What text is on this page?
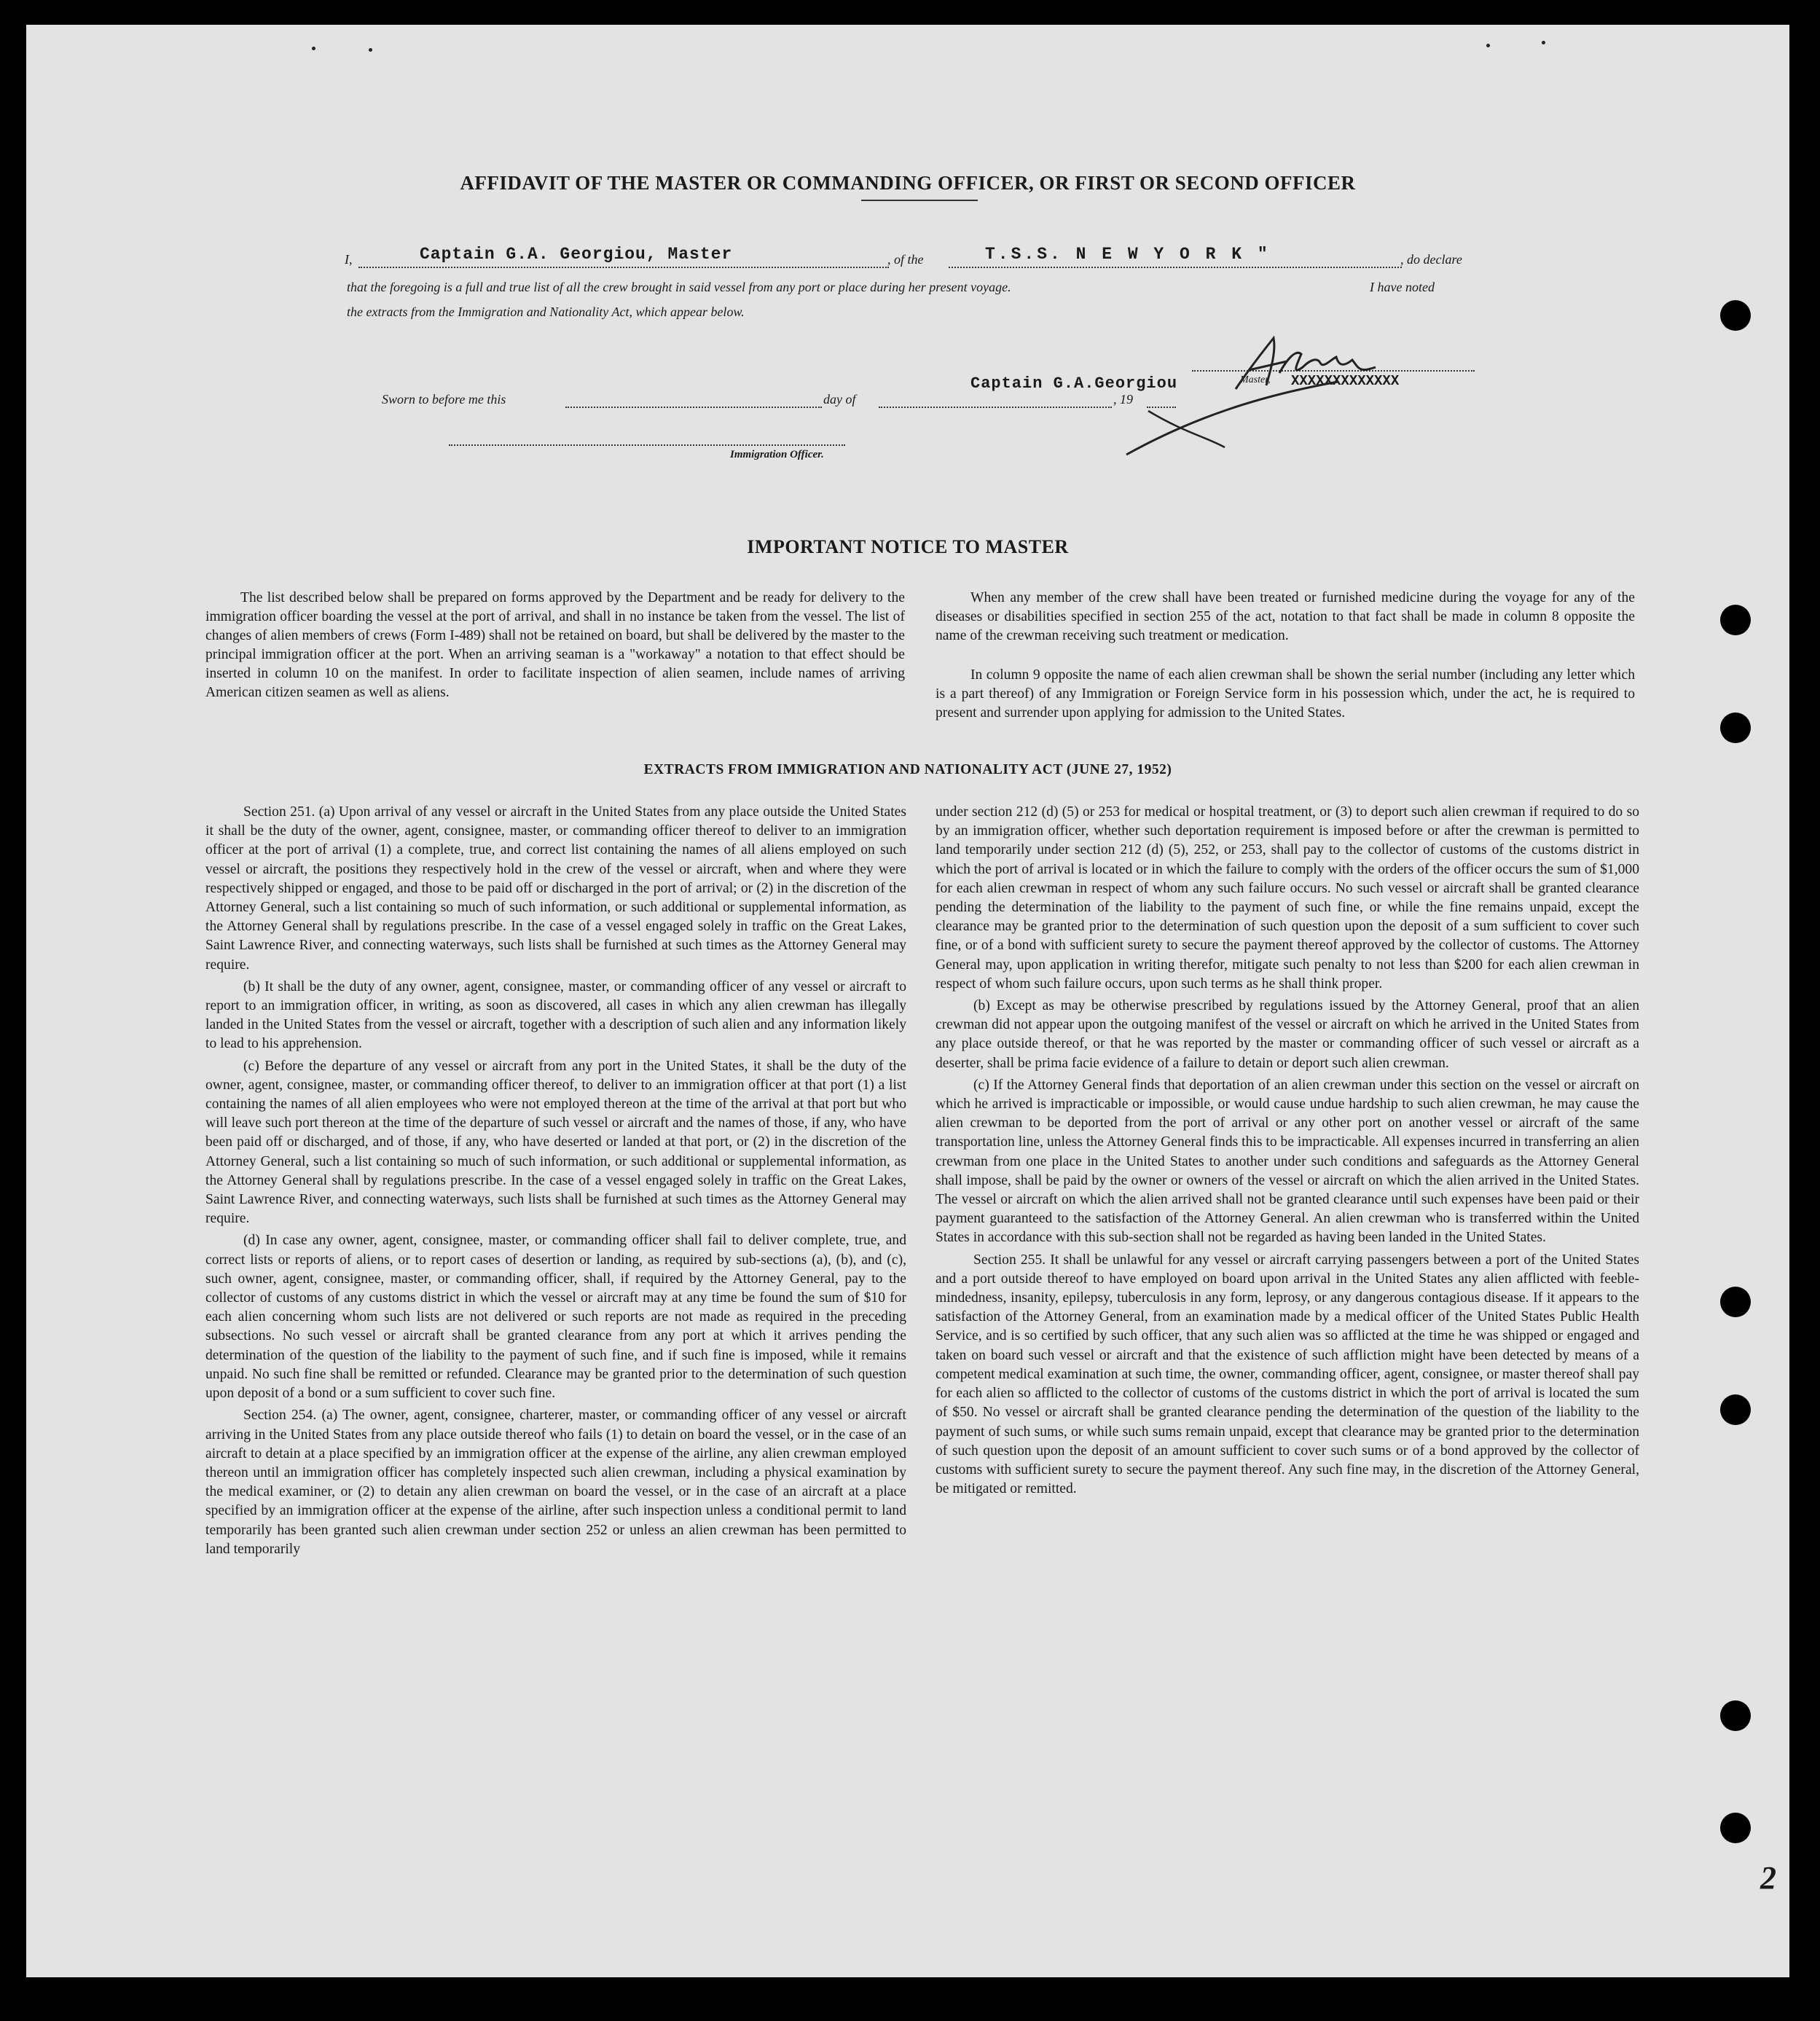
AFFIDAVIT OF THE MASTER OR COMMANDING OFFICER, OR FIRST OR SECOND OFFICER
I,	Captain G.A. Georgiou, Master	, of the	T.S.S. N E W Y O R K "	, do declare
that the foregoing is a full and true list of all the crew brought in said vessel from any port or place during her present voyage.	I have noted
the extracts from the Immigration and Nationality Act, which appear below.
Sworn to before me this	day of	, 19
Captain G.A.Georgiou	Master, XXXXXXXXXXXXX
Immigration Officer.
IMPORTANT NOTICE TO MASTER
The list described below shall be prepared on forms approved by the Department and be ready for delivery to the immigration officer boarding the vessel at the port of arrival, and shall in no instance be taken from the vessel. The list of changes of alien members of crews (Form I-489) shall not be retained on board, but shall be delivered by the master to the principal immigration officer at the port. When an arriving seaman is a "workaway" a notation to that effect should be inserted in column 10 on the manifest. In order to facilitate inspection of alien seamen, include names of arriving American citizen seamen as well as aliens.
When any member of the crew shall have been treated or furnished medicine during the voyage for any of the diseases or disabilities specified in section 255 of the act, notation to that fact shall be made in column 8 opposite the name of the crewman receiving such treatment or medication.
In column 9 opposite the name of each alien crewman shall be shown the serial number (including any letter which is a part thereof) of any Immigration or Foreign Service form in his possession which, under the act, he is required to present and surrender upon applying for admission to the United States.
EXTRACTS FROM IMMIGRATION AND NATIONALITY ACT (JUNE 27, 1952)

Section 251. (a) Upon arrival of any vessel or aircraft in the United States from any place outside the United States it shall be the duty of the owner, agent, consignee, master, or commanding officer thereof to deliver to an immigration officer at the port of arrival (1) a complete, true, and correct list containing the names of all aliens employed on such vessel or aircraft, the positions they respectively hold in the crew of the vessel or aircraft, when and where they were respectively shipped or engaged, and those to be paid off or discharged in the port of arrival; or (2) in the discretion of the Attorney General, such a list containing so much of such information, or such additional or supplemental information, as the Attorney General shall by regulations prescribe. In the case of a vessel engaged solely in traffic on the Great Lakes, Saint Lawrence River, and connecting waterways, such lists shall be furnished at such times as the Attorney General may require.

(b) It shall be the duty of any owner, agent, consignee, master, or commanding officer of any vessel or aircraft to report to an immigration officer, in writing, as soon as discovered, all cases in which any alien crewman has illegally landed in the United States from the vessel or aircraft, together with a description of such alien and any information likely to lead to his apprehension.

(c) Before the departure of any vessel or aircraft from any port in the United States, it shall be the duty of the owner, agent, consignee, master, or commanding officer thereof, to deliver to an immigration officer at that port (1) a list containing the names of all alien employees who were not employed thereon at the time of the arrival at that port but who will leave such port thereon at the time of the departure of such vessel or aircraft and the names of those, if any, who have been paid off or discharged, and of those, if any, who have deserted or landed at that port, or (2) in the discretion of the Attorney General, such a list containing so much of such information, or such additional or supplemental information, as the Attorney General shall by regulations prescribe. In the case of a vessel engaged solely in traffic on the Great Lakes, Saint Lawrence River, and connecting waterways, such lists shall be furnished at such times as the Attorney General may require.

(d) In case any owner, agent, consignee, master, or commanding officer shall fail to deliver complete, true, and correct lists or reports of aliens, or to report cases of desertion or landing, as required by sub-sections (a), (b), and (c), such owner, agent, consignee, master, or commanding officer, shall, if required by the Attorney General, pay to the collector of customs of any customs district in which the vessel or aircraft may at any time be found the sum of $10 for each alien concerning whom such lists are not delivered or such reports are not made as required in the preceding subsections. No such vessel or aircraft shall be granted clearance from any port at which it arrives pending the determination of the question of the liability to the payment of such fine, and if such fine is imposed, while it remains unpaid. No such fine shall be remitted or refunded. Clearance may be granted prior to the determination of such question upon deposit of a bond or a sum sufficient to cover such fine.

Section 254. (a) The owner, agent, consignee, charterer, master, or commanding officer of any vessel or aircraft arriving in the United States from any place outside thereof who fails (1) to detain on board the vessel, or in the case of an aircraft to detain at a place specified by an immigration officer at the expense of the airline, any alien crewman employed thereon until an immigration officer has completely inspected such alien crewman, including a physical examination by the medical examiner, or (2) to detain any alien crewman on board the vessel, or in the case of an aircraft at a place specified by an immigration officer at the expense of the airline, after such inspection unless a conditional permit to land temporarily has been granted such alien crewman under section 252 or unless an alien crewman has been permitted to land temporarily

under section 212 (d) (5) or 253 for medical or hospital treatment, or (3) to deport such alien crewman if required to do so by an immigration officer, whether such deportation requirement is imposed before or after the crewman is permitted to land temporarily under section 212 (d) (5), 252, or 253, shall pay to the collector of customs of the customs district in which the port of arrival is located or in which the failure to comply with the orders of the officer occurs the sum of $1,000 for each alien crewman in respect of whom any such failure occurs. No such vessel or aircraft shall be granted clearance pending the determination of the liability to the payment of such fine, or while the fine remains unpaid, except the clearance may be granted prior to the determination of such question upon the deposit of a sum sufficient to cover such fine, or of a bond with sufficient surety to secure the payment thereof approved by the collector of customs. The Attorney General may, upon application in writing therefor, mitigate such penalty to not less than $200 for each alien crewman in respect of whom such failure occurs, upon such terms as he shall think proper.

(b) Except as may be otherwise prescribed by regulations issued by the Attorney General, proof that an alien crewman did not appear upon the outgoing manifest of the vessel or aircraft on which he arrived in the United States from any place outside thereof, or that he was reported by the master or commanding officer of such vessel or aircraft as a deserter, shall be prima facie evidence of a failure to detain or deport such alien crewman.

(c) If the Attorney General finds that deportation of an alien crewman under this section on the vessel or aircraft on which he arrived is impracticable or impossible, or would cause undue hardship to such alien crewman, he may cause the alien crewman to be deported from the port of arrival or any other port on another vessel or aircraft of the same transportation line, unless the Attorney General finds this to be impracticable. All expenses incurred in transferring an alien crewman from one place in the United States to another under such conditions and safeguards as the Attorney General shall impose, shall be paid by the owner or owners of the vessel or aircraft on which the alien arrived in the United States. The vessel or aircraft on which the alien arrived shall not be granted clearance until such expenses have been paid or their payment guaranteed to the satisfaction of the Attorney General. An alien crewman who is transferred within the United States in accordance with this sub-section shall not be regarded as having been landed in the United States.

Section 255. It shall be unlawful for any vessel or aircraft carrying passengers between a port of the United States and a port outside thereof to have employed on board upon arrival in the United States any alien afflicted with feeble-mindedness, insanity, epilepsy, tuberculosis in any form, leprosy, or any dangerous contagious disease. If it appears to the satisfaction of the Attorney General, from an examination made by a medical officer of the United States Public Health Service, and is so certified by such officer, that any such alien was so afflicted at the time he was shipped or engaged and taken on board such vessel or aircraft and that the existence of such affliction might have been detected by means of a competent medical examination at such time, the owner, commanding officer, agent, consignee, or master thereof shall pay for each alien so afflicted to the collector of customs of the customs district in which the port of arrival is located the sum of $50. No vessel or aircraft shall be granted clearance pending the determination of the question of the liability to the payment of such sums, or while such sums remain unpaid, except that clearance may be granted prior to the determination of such question upon the deposit of an amount sufficient to cover such sums or of a bond approved by the collector of customs with sufficient surety to secure the payment thereof. Any such fine may, in the discretion of the Attorney General, be mitigated or remitted.

2
